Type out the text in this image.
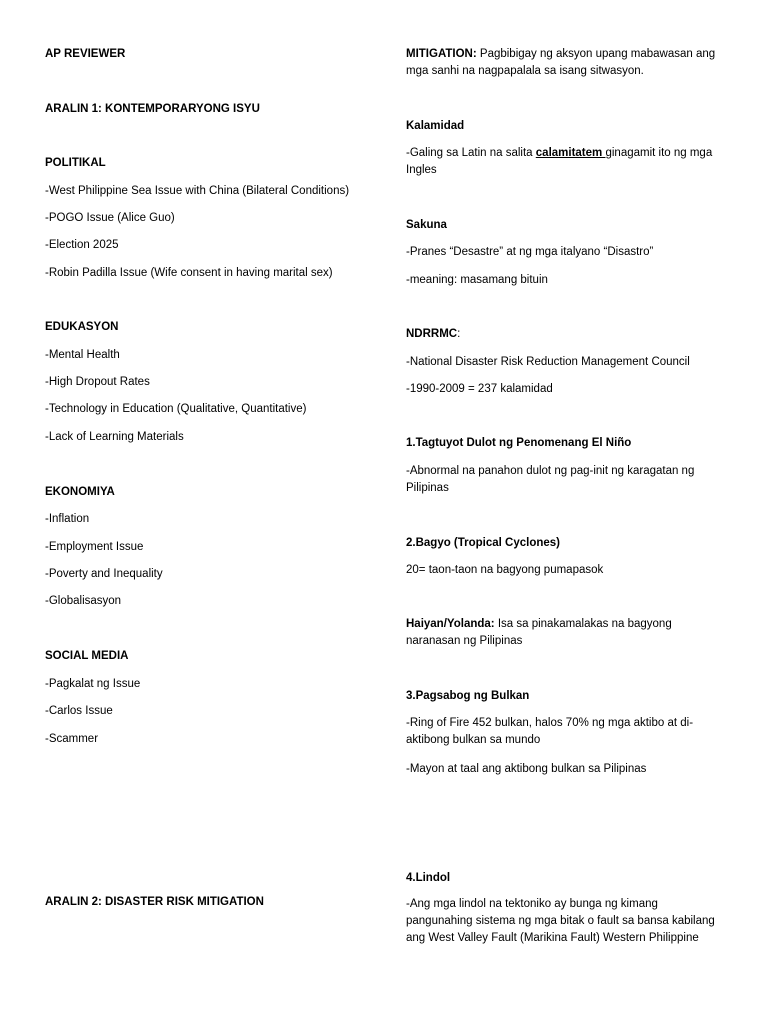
AP REVIEWER

ARALIN 1: KONTEMPORARYONG ISYU

POLITIKAL

-West Philippine Sea Issue with China (Bilateral Conditions)

-POGO Issue (Alice Guo)

-Election 2025

-Robin Padilla Issue (Wife consent in having marital sex)

EDUKASYON

-Mental Health

-High Dropout Rates

-Technology in Education (Qualitative, Quantitative)

-Lack of Learning Materials

EKONOMIYA

-Inflation

-Employment Issue

-Poverty and Inequality

-Globalisasyon

SOCIAL MEDIA

-Pagkalat ng Issue

-Carlos Issue

-Scammer

ARALIN 2: DISASTER RISK MITIGATION

MITIGATION: Pagbibigay ng aksyon upang mabawasan ang mga sanhi na nagpapalala sa isang sitwasyon.

Kalamidad

-Galing sa Latin na salita calamitatem ginagamit ito ng mga Ingles

Sakuna

-Pranes “Desastre” at ng mga italyano “Disastro”

-meaning: masamang bituin

NDRRMC:

-National Disaster Risk Reduction Management Council

-1990-2009 = 237 kalamidad

1.Tagtuyot Dulot ng Penomenang El Niño

-Abnormal na panahon dulot ng pag-init ng karagatan ng Pilipinas

2.Bagyo (Tropical Cyclones)

20= taon-taon na bagyong pumapasok

Haiyan/Yolanda: Isa sa pinakamalakas na bagyong naranasan ng Pilipinas

3.Pagsabog ng Bulkan

-Ring of Fire 452 bulkan, halos 70% ng mga aktibo at di-aktibong bulkan sa mundo

-Mayon at taal ang aktibong bulkan sa Pilipinas

4.Lindol

-Ang mga lindol na tektoniko ay bunga ng kimang pangunahing sistema ng mga bitak o fault sa bansa kabilang ang West Valley Fault (Marikina Fault) Western Philippine
